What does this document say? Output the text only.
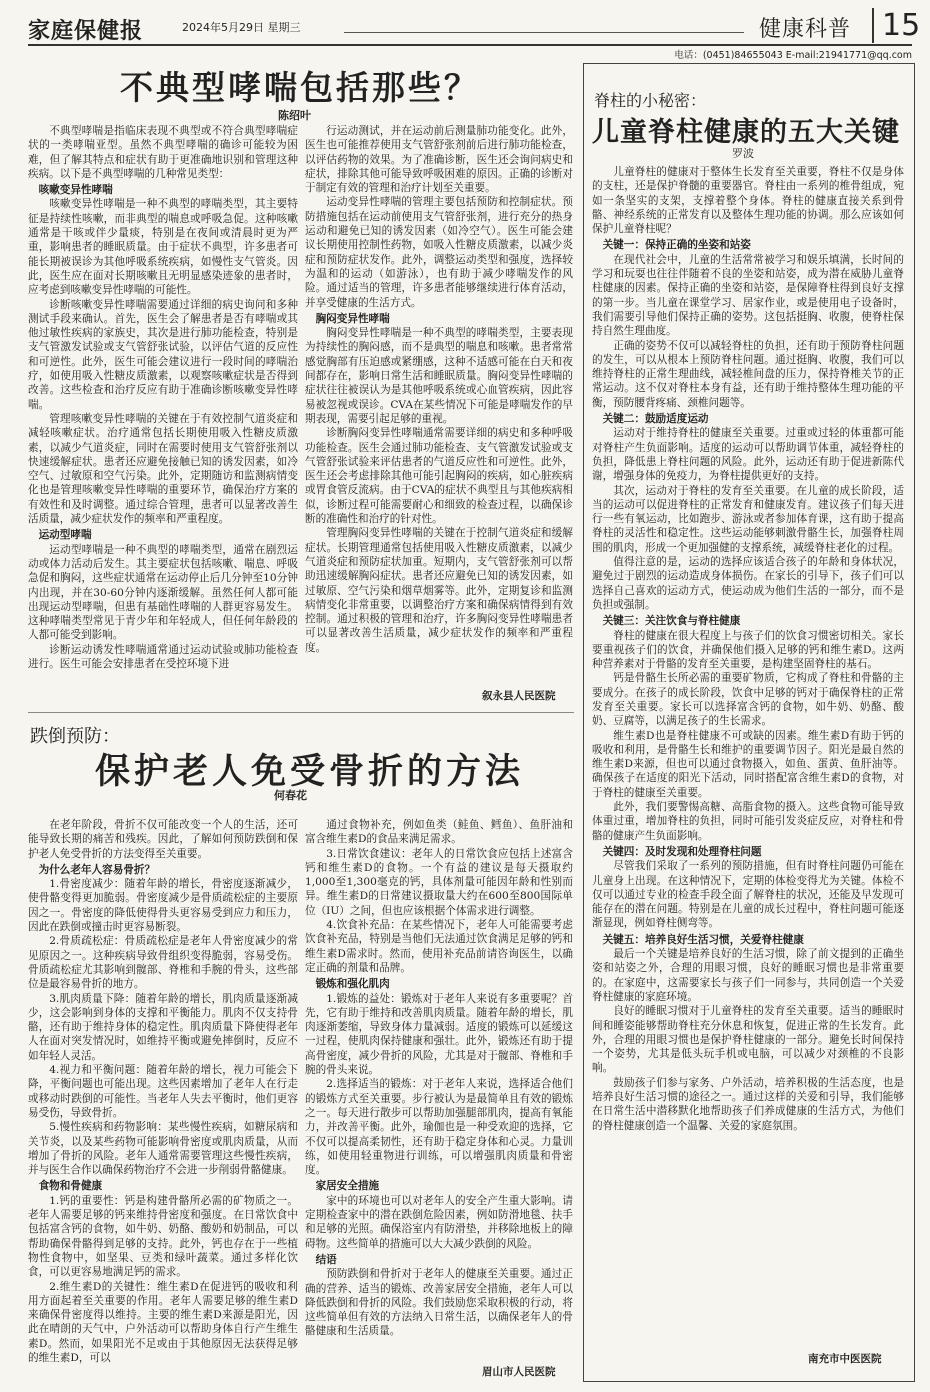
家庭保健报	2024年5月29日 星期三	健康科普	15
电话：(0451)84655043 E-mail:21941771@qq.com
不典型哮喘包括那些？
陈绍叶

不典型哮喘是指临床表现不典型或不符合典型哮喘症状的一类哮喘亚型。虽然不典型哮喘的确诊可能较为困难，但了解其特点和症状有助于更准确地识别和管理这种疾病。以下是不典型哮喘的几种常见类型：

咳嗽变异性哮喘

咳嗽变异性哮喘是一种不典型的哮喘类型，其主要特征是持续性咳嗽，而非典型的喘息或呼吸急促。这种咳嗽通常是干咳或伴少量痰，特别是在夜间或清晨时更为严重，影响患者的睡眠质量。由于症状不典型，许多患者可能长期被误诊为其他呼吸系统疾病，如慢性支气管炎。因此，医生应在面对长期咳嗽且无明显感染迹象的患者时，应考虑到咳嗽变异性哮喘的可能性。

诊断咳嗽变异性哮喘需要通过详细的病史询问和多种测试手段来确认。首先，医生会了解患者是否有哮喘或其他过敏性疾病的家族史，其次是进行肺功能检查，特别是支气管激发试验或支气管舒张试验，以评估气道的反应性和可逆性。此外，医生可能会建议进行一段时间的哮喘治疗，如使用吸入性糖皮质激素，以观察咳嗽症状是否得到改善。这些检查和治疗反应有助于准确诊断咳嗽变异性哮喘。

管理咳嗽变异性哮喘的关键在于有效控制气道炎症和减轻咳嗽症状。治疗通常包括长期使用吸入性糖皮质激素，以减少气道炎症，同时在需要时使用支气管舒张剂以快速缓解症状。患者还应避免接触已知的诱发因素，如冷空气、过敏原和空气污染。此外，定期随访和监测病情变化也是管理咳嗽变异性哮喘的重要环节，确保治疗方案的有效性和及时调整。通过综合管理，患者可以显著改善生活质量，减少症状发作的频率和严重程度。

运动型哮喘

运动型哮喘是一种不典型的哮喘类型，通常在剧烈运动或体力活动后发生。其主要症状包括咳嗽、喘息、呼吸急促和胸闷，这些症状通常在运动停止后几分钟至10分钟内出现，并在30-60分钟内逐渐缓解。虽然任何人都可能出现运动型哮喘，但患有基础性哮喘的人群更容易发生。这种哮喘类型常见于青少年和年轻成人，但任何年龄段的人都可能受到影响。

诊断运动诱发性哮喘通常通过运动试验或肺功能检查进行。医生可能会安排患者在受控环境下进

行运动测试，并在运动前后测量肺功能变化。此外，医生也可能推荐使用支气管舒张剂前后进行肺功能检查，以评估药物的效果。为了准确诊断，医生还会询问病史和症状，排除其他可能导致呼吸困难的原因。正确的诊断对于制定有效的管理和治疗计划至关重要。

运动变异性哮喘的管理主要包括预防和控制症状。预防措施包括在运动前使用支气管舒张剂，进行充分的热身运动和避免已知的诱发因素（如冷空气）。医生可能会建议长期使用控制性药物，如吸入性糖皮质激素，以减少炎症和预防症状发作。此外，调整运动类型和强度，选择较为温和的运动（如游泳），也有助于减少哮喘发作的风险。通过适当的管理，许多患者能够继续进行体育活动，并享受健康的生活方式。

胸闷变异性哮喘

胸闷变异性哮喘是一种不典型的哮喘类型，主要表现为持续性的胸闷感，而不是典型的喘息和咳嗽。患者常常感觉胸部有压迫感或紧绷感，这种不适感可能在白天和夜间都存在，影响日常生活和睡眠质量。胸闷变异性哮喘的症状往往被误认为是其他呼吸系统或心血管疾病，因此容易被忽视或误诊。CVA在某些情况下可能是哮喘发作的早期表现，需要引起足够的重视。

诊断胸闷变异性哮喘通常需要详细的病史和多种呼吸功能检查。医生会通过肺功能检查、支气管激发试验或支气管舒张试验来评估患者的气道反应性和可逆性。此外，医生还会考虑排除其他可能引起胸闷的疾病，如心脏疾病或胃食管反流病。由于CVA的症状不典型且与其他疾病相似，诊断过程可能需要耐心和细致的检查过程，以确保诊断的准确性和治疗的针对性。

管理胸闷变异性哮喘的关键在于控制气道炎症和缓解症状。长期管理通常包括使用吸入性糖皮质激素，以减少气道炎症和预防症状加重。短期内，支气管舒张剂可以帮助迅速缓解胸闷症状。患者还应避免已知的诱发因素，如过敏原、空气污染和烟草烟雾等。此外，定期复诊和监测病情变化非常重要，以调整治疗方案和确保病情得到有效控制。通过积极的管理和治疗，许多胸闷变异性哮喘患者可以显著改善生活质量，减少症状发作的频率和严重程度。

叙永县人民医院
跌倒预防：
保护老人免受骨折的方法
何春花

在老年阶段，骨折不仅可能改变一个人的生活，还可能导致长期的痛苦和残疾。因此，了解如何预防跌倒和保护老人免受骨折的方法变得至关重要。

为什么老年人容易骨折？

1.骨密度减少：随着年龄的增长，骨密度逐渐减少，使骨骼变得更加脆弱。骨密度减少是骨质疏松症的主要原因之一。骨密度的降低使得骨头更容易受到应力和压力，因此在跌倒或撞击时更容易断裂。

2.骨质疏松症：骨质疏松症是老年人骨密度减少的常见原因之一。这种疾病导致骨组织变得脆弱，容易受伤。骨质疏松症尤其影响到髋部、脊椎和手腕的骨头，这些部位是最容易骨折的地方。

3.肌肉质量下降：随着年龄的增长，肌肉质量逐渐减少，这会影响到身体的支撑和平衡能力。肌肉不仅支持骨骼，还有助于维持身体的稳定性。肌肉质量下降使得老年人在面对突发情况时，如维持平衡或避免摔倒时，反应不如年轻人灵活。

4.视力和平衡问题：随着年龄的增长，视力可能会下降，平衡问题也可能出现。这些因素增加了老年人在行走或移动时跌倒的可能性。当老年人失去平衡时，他们更容易受伤，导致骨折。

5.慢性疾病和药物影响：某些慢性疾病，如糖尿病和关节炎，以及某些药物可能影响骨密度或肌肉质量，从而增加了骨折的风险。老年人通常需要管理这些慢性疾病，并与医生合作以确保药物治疗不会进一步削弱骨骼健康。

食物和骨健康

1.钙的重要性：钙是构建骨骼所必需的矿物质之一。老年人需要足够的钙来维持骨密度和强度。在日常饮食中包括富含钙的食物，如牛奶、奶酪、酸奶和奶制品，可以帮助确保骨骼得到足够的支持。此外，钙也存在于一些植物性食物中，如坚果、豆类和绿叶蔬菜。通过多样化饮食，可以更容易地满足钙的需求。

2.维生素D的关键性：维生素D在促进钙的吸收和利用方面起着至关重要的作用。老年人需要足够的维生素D来确保骨密度得以维持。主要的维生素D来源是阳光，因此在晴朗的天气中，户外活动可以帮助身体自行产生维生素D。然而，如果阳光不足或由于其他原因无法获得足够的维生素D，可以

通过食物补充，例如鱼类（鲑鱼、鳕鱼）、鱼肝油和富含维生素D的食品来满足需求。

3.日常饮食建议：老年人的日常饮食应包括上述富含钙和维生素D的食物。一个有益的建议是每天摄取约1,000至1,300毫克的钙，具体剂量可能因年龄和性别而异。维生素D的日常建议摄取量大约在600至800国际单位（IU）之间，但也应该根据个体需求进行调整。

4.饮食补充品：在某些情况下，老年人可能需要考虑饮食补充品，特别是当他们无法通过饮食满足足够的钙和维生素D需求时。然而，使用补充品前请咨询医生，以确定正确的剂量和品牌。

锻炼和强化肌肉

1.锻炼的益处：锻炼对于老年人来说有多重要呢？首先，它有助于维持和改善肌肉质量。随着年龄的增长，肌肉逐渐萎缩，导致身体力量减弱。适度的锻炼可以延缓这一过程，使肌肉保持健康和强壮。此外，锻炼还有助于提高骨密度，减少骨折的风险，尤其是对于髋部、脊椎和手腕的骨头来说。

2.选择适当的锻炼：对于老年人来说，选择适合他们的锻炼方式至关重要。步行被认为是最简单且有效的锻炼之一。每天进行散步可以帮助加强腿部肌肉，提高有氧能力，并改善平衡。此外，瑜伽也是一种受欢迎的选择，它不仅可以提高柔韧性，还有助于稳定身体和心灵。力量训练，如使用轻重物进行训练，可以增强肌肉质量和骨密度。

家居安全措施

家中的环境也可以对老年人的安全产生重大影响。请定期检查家中的潜在跌倒危险因素，例如防滑地毯、扶手和足够的光照。确保浴室内有防滑垫，并移除地板上的障碍物。这些简单的措施可以大大减少跌倒的风险。

结语

预防跌倒和骨折对于老年人的健康至关重要。通过正确的营养、适当的锻炼、改善家居安全措施，老年人可以降低跌倒和骨折的风险。我们鼓励您采取积极的行动，将这些简单但有效的方法纳入日常生活，以确保老年人的骨骼健康和生活质量。

眉山市人民医院
脊柱的小秘密：
儿童脊柱健康的五大关键
罗波

儿童脊柱的健康对于整体生长发育至关重要，脊柱不仅是身体的支柱，还是保护脊髓的重要器官。脊柱由一系列的椎骨组成，宛如一条坚实的支架，支撑着整个身体。脊柱的健康直接关系到骨骼、神经系统的正常发育以及整体生理功能的协调。那么应该如何保护儿童脊柱呢？

关键一：保持正确的坐姿和站姿

在现代社会中，儿童的生活常常被学习和娱乐填满，长时间的学习和玩耍也往往伴随着不良的坐姿和站姿，成为潜在威胁儿童脊柱健康的因素。保持正确的坐姿和站姿，是保障脊柱得到良好支撑的第一步。当儿童在课堂学习、居家作业，或是使用电子设备时，我们需要引导他们保持正确的姿势。这包括挺胸、收腹，使脊柱保持自然生理曲度。

正确的姿势不仅可以减轻脊柱的负担，还有助于预防脊柱问题的发生，可以从根本上预防脊柱问题。通过挺胸、收腹，我们可以维持脊柱的正常生理曲线，减轻椎间盘的压力，保持脊椎关节的正常运动。这不仅对脊柱本身有益，还有助于维持整体生理功能的平衡，预防腰背疼痛、颈椎问题等。

关键二：鼓励适度运动

运动对于维持脊柱的健康至关重要。过重或过轻的体重都可能对脊柱产生负面影响。适度的运动可以帮助调节体重，减轻脊柱的负担，降低患上脊柱问题的风险。此外，运动还有助于促进新陈代谢，增强身体的免疫力，为脊柱提供更好的支持。

其次，运动对于脊柱的发育至关重要。在儿童的成长阶段，适当的运动可以促进脊柱的正常发育和健康发育。建议孩子们每天进行一些有氧运动，比如跑步、游泳或者参加体育课，这有助于提高脊柱的灵活性和稳定性。这些运动能够刺激骨骼生长，加强脊柱周围的肌肉，形成一个更加强健的支撑系统，减缓脊柱老化的过程。

值得注意的是，运动的选择应该适合孩子的年龄和身体状况，避免过于剧烈的运动造成身体损伤。在家长的引导下，孩子们可以选择自己喜欢的运动方式，使运动成为他们生活的一部分，而不是负担或强制。

关键三：关注饮食与脊柱健康

脊柱的健康在很大程度上与孩子们的饮食习惯密切相关。家长要重视孩子们的饮食，并确保他们摄入足够的钙和维生素D。这两种营养素对于骨骼的发育至关重要，是构建坚固脊柱的基石。

钙是骨骼生长所必需的重要矿物质，它构成了脊柱和骨骼的主要成分。在孩子的成长阶段，饮食中足够的钙对于确保脊柱的正常发育至关重要。家长可以选择富含钙的食物，如牛奶、奶酪、酸奶、豆腐等，以满足孩子的生长需求。

维生素D也是脊柱健康不可或缺的因素。维生素D有助于钙的吸收和利用，是骨骼生长和维护的重要调节因子。阳光是最自然的维生素D来源，但也可以通过食物摄入，如鱼、蛋黄、鱼肝油等。确保孩子在适度的阳光下活动，同时搭配富含维生素D的食物，对于脊柱的健康至关重要。

此外，我们要警惕高糖、高脂食物的摄入。这些食物可能导致体重过重，增加脊柱的负担，同时可能引发炎症反应，对脊柱和骨骼的健康产生负面影响。

关键四：及时发现和处理脊柱问题

尽管我们采取了一系列的预防措施，但有时脊柱问题仍可能在儿童身上出现。在这种情况下，定期的体检变得尤为关键。体检不仅可以通过专业的检查手段全面了解脊柱的状况，还能及早发现可能存在的潜在问题。特别是在儿童的成长过程中，脊柱问题可能逐渐显现，例如脊柱侧弯等。

关键五：培养良好生活习惯，关爱脊柱健康

最后一个关键是培养良好的生活习惯，除了前文提到的正确坐姿和站姿之外，合理的用眼习惯，良好的睡眠习惯也是非常重要的。在家庭中，这需要家长与孩子们一同参与，共同创造一个关爱脊柱健康的家庭环境。

良好的睡眠习惯对于儿童脊柱的发育至关重要。适当的睡眠时间和睡姿能够帮助脊柱充分休息和恢复，促进正常的生长发育。此外，合理的用眼习惯也是保护脊柱健康的一部分。避免长时间保持一个姿势，尤其是低头玩手机或电脑，可以减少对颈椎的不良影响。

鼓励孩子们参与家务、户外活动，培养积极的生活态度，也是培养良好生活习惯的途径之一。通过这样的关爱和引导，我们能够在日常生活中潜移默化地帮助孩子们养成健康的生活方式，为他们的脊柱健康创造一个温馨、关爱的家庭氛围。

南充市中医医院
